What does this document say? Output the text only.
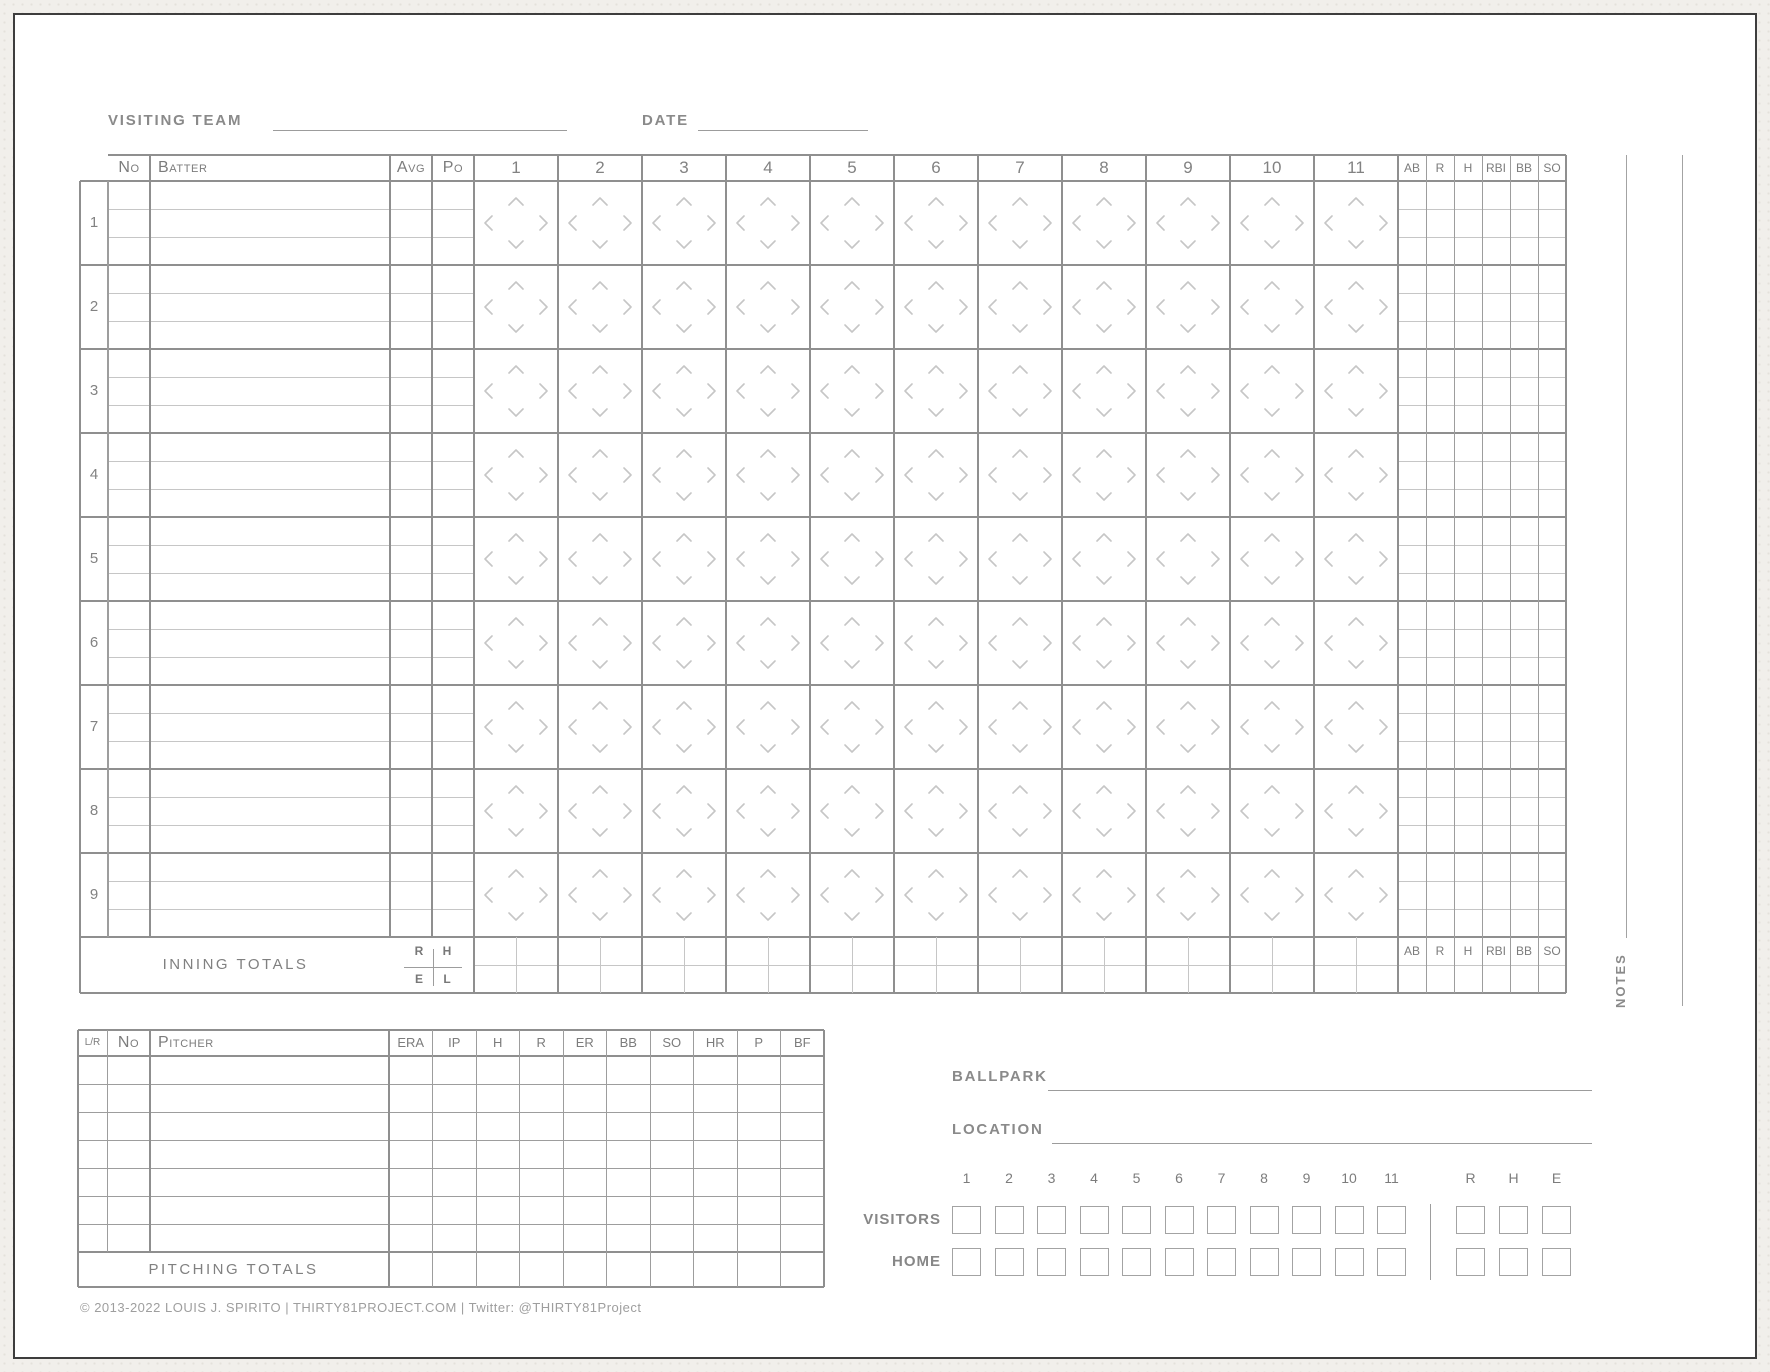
VISITING TEAM	DATE
No	Batter	Avg	Po	1	2	3	4	5	6	7	8	9	10	11	AB	R	H	RBI BB SO
1
2
3
4
5
6
7
8
9
INNING TOTALS
R	H
E	L
AB	R	H	RBI BB SO
NOTES
L/R	No	Pitcher	ERA	IP	H	R	ER	BB	SO	HR	P	BF
PITCHING TOTALS
BALLPARK
LOCATION
1	2	3	4	5	6	7	8	9	10	11	R	H	E
VISITORS
HOME
© 2013-2022 LOUIS J. SPIRITO | THIRTY81PROJECT.COM | Twitter: @THIRTY81Project
